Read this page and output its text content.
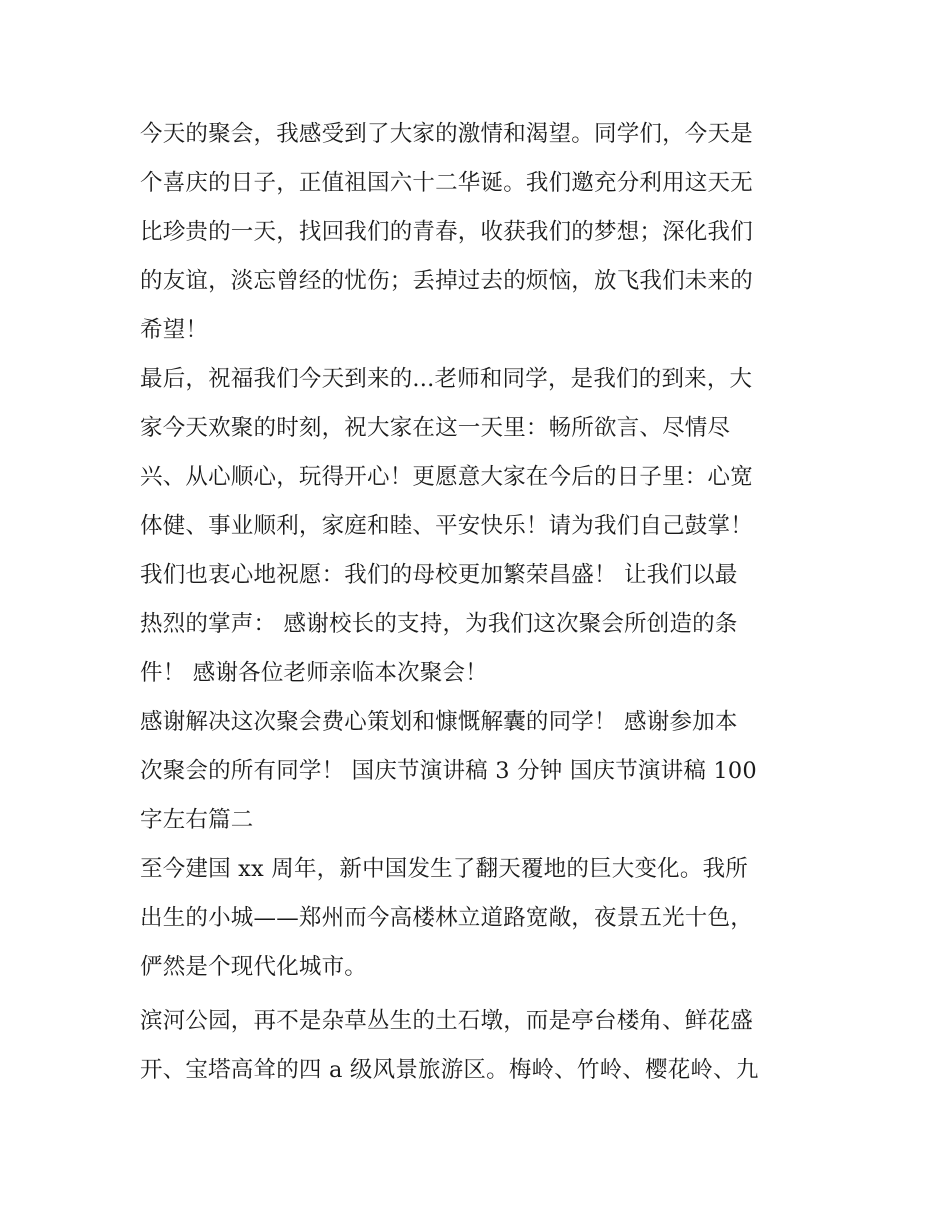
今天的聚会，我感受到了大家的激情和渴望。同学们，今天是
个喜庆的日子，正值祖国六十二华诞。我们邀充分利用这天无
比珍贵的一天，找回我们的青春，收获我们的梦想；深化我们
的友谊，淡忘曾经的忧伤；丢掉过去的烦恼，放飞我们未来的
希望！
最后，祝福我们今天到来的...老师和同学，是我们的到来，大
家今天欢聚的时刻，祝大家在这一天里：畅所欲言、尽情尽
兴、从心顺心，玩得开心！更愿意大家在今后的日子里：心宽
体健、事业顺利，家庭和睦、平安快乐！请为我们自己鼓掌！
我们也衷心地祝愿：我们的母校更加繁荣昌盛！ 让我们以最
热烈的掌声： 感谢校长的支持，为我们这次聚会所创造的条
件！ 感谢各位老师亲临本次聚会！
感谢解决这次聚会费心策划和慷慨解囊的同学！ 感谢参加本
次聚会的所有同学！ 国庆节演讲稿 3 分钟 国庆节演讲稿 100
字左右篇二
至今建国 xx 周年，新中国发生了翻天覆地的巨大变化。我所
出生的小城——郑州而今高楼林立道路宽敞，夜景五光十色，
俨然是个现代化城市。
滨河公园，再不是杂草丛生的土石墩，而是亭台楼角、鲜花盛
开、宝塔高耸的四 a 级风景旅游区。梅岭、竹岭、樱花岭、九
